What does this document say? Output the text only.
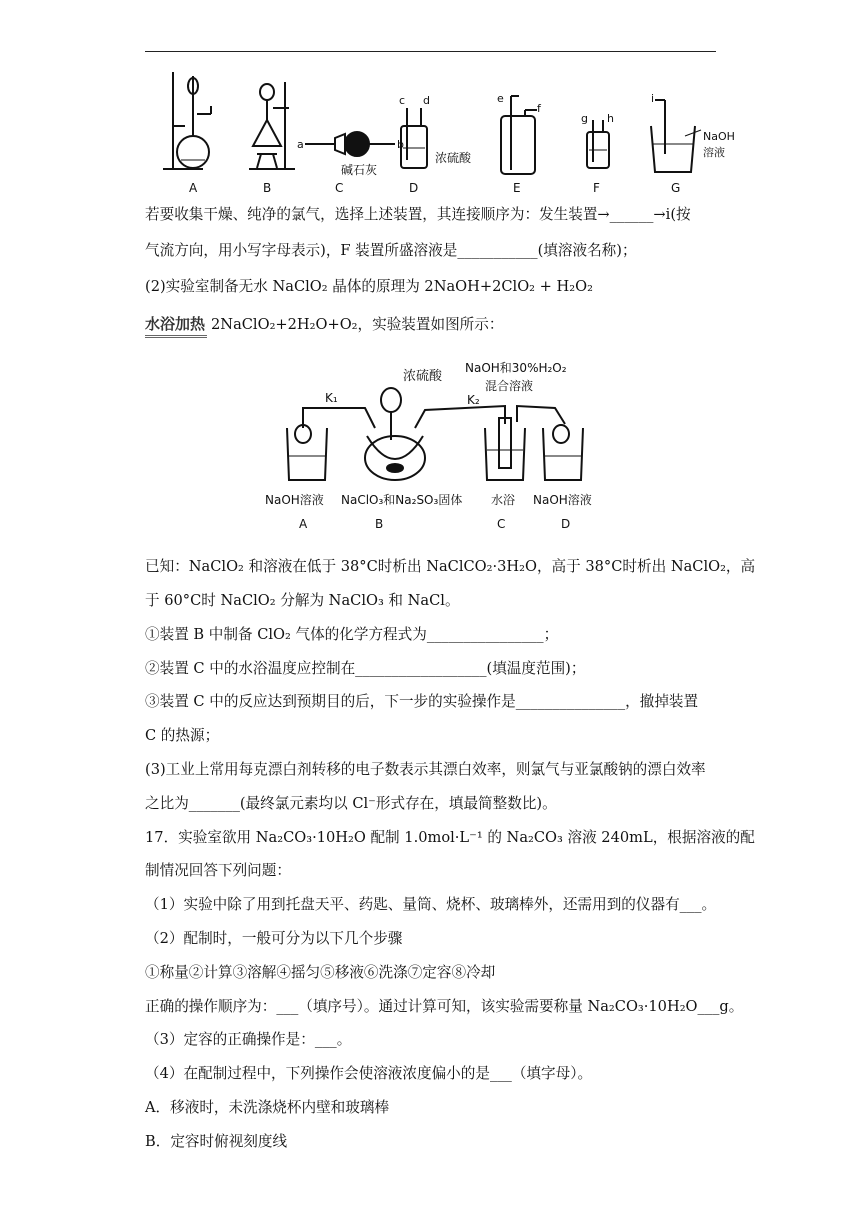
a	b
c d	e
f
g h
i
碱石灰
浓硫酸
NaOH
溶液
A	B	C	D	E	F	G
若要收集干燥、纯净的氯气，选择上述装置，其连接顺序为：发生装置→______→i(按
气流方向，用小写字母表示)，F 装置所盛溶液是___________(填溶液名称)；
(2)实验室制备无水 NaClO₂ 晶体的原理为 2NaOH+2ClO₂ + H₂O₂
水浴加热 2NaClO₂+2H₂O+O₂，实验装置如图所示：
浓硫酸
NaOH和30%H₂O₂
混合溶液
K₁	K₂
NaOH溶液 NaClO₃和Na₂SO₃固体 水浴 NaOH溶液
A	B	C	D
已知：NaClO₂ 和溶液在低于 38°C时析出 NaClCO₂·3H₂O，高于 38°C时析出 NaClO₂，高
于 60°C时 NaClO₂ 分解为 NaClO₃ 和 NaCl。
①装置 B 中制备 ClO₂ 气体的化学方程式为________________；
②装置 C 中的水浴温度应控制在__________________(填温度范围)；
③装置 C 中的反应达到预期目的后，下一步的实验操作是_______________，撤掉装置
C 的热源；
(3)工业上常用每克漂白剂转移的电子数表示其漂白效率，则氯气与亚氯酸钠的漂白效率
之比为_______(最终氯元素均以 Cl⁻形式存在，填最简整数比)。
17．实验室欲用 Na₂CO₃·10H₂O 配制 1.0mol·L⁻¹ 的 Na₂CO₃ 溶液 240mL，根据溶液的配
制情况回答下列问题：
（1）实验中除了用到托盘天平、药匙、量筒、烧杯、玻璃棒外，还需用到的仪器有___。
（2）配制时，一般可分为以下几个步骤
①称量②计算③溶解④摇匀⑤移液⑥洗涤⑦定容⑧冷却
正确的操作顺序为：___（填序号）。通过计算可知，该实验需要称量 Na₂CO₃·10H₂O___g。
（3）定容的正确操作是：___。
（4）在配制过程中，下列操作会使溶液浓度偏小的是___（填字母）。
A．移液时，未洗涤烧杯内壁和玻璃棒
B．定容时俯视刻度线
